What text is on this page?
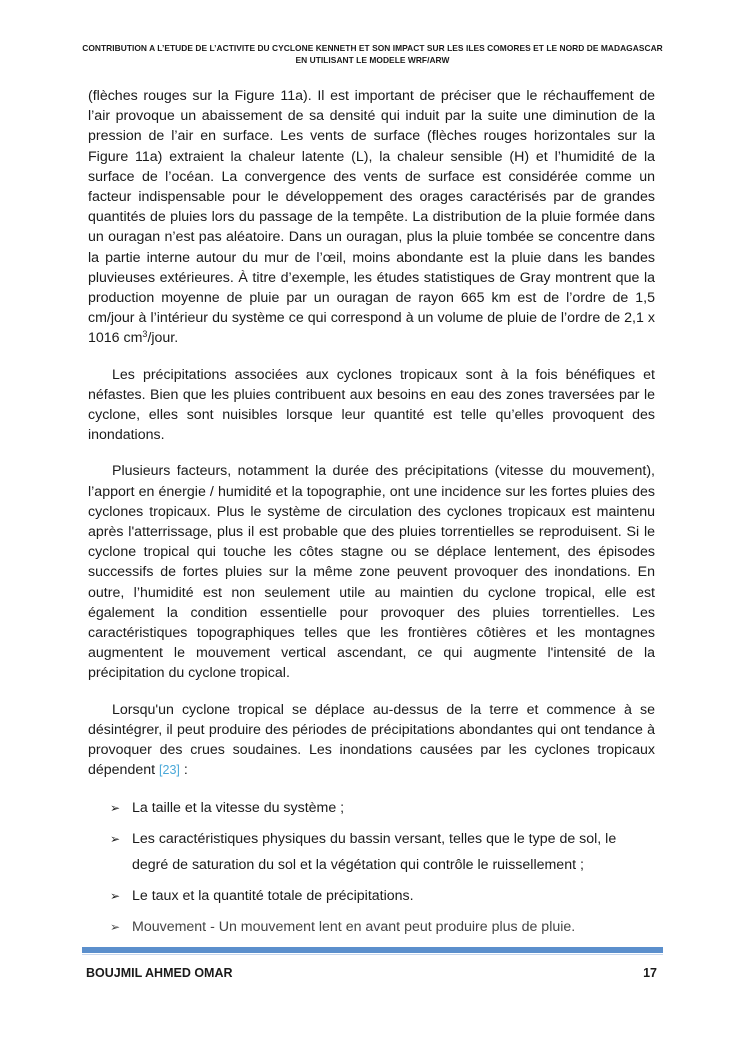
CONTRIBUTION A L’ETUDE DE L’ACTIVITE DU CYCLONE KENNETH ET SON IMPACT SUR LES ILES COMORES ET LE NORD DE MADAGASCAR
EN UTILISANT LE MODELE WRF/ARW

(flèches rouges sur la Figure 11a). Il est important de préciser que le réchauffement de l’air provoque un abaissement de sa densité qui induit par la suite une diminution de la pression de l’air en surface. Les vents de surface (flèches rouges horizontales sur la Figure 11a) extraient la chaleur latente (L), la chaleur sensible (H) et l’humidité de la surface de l’océan. La convergence des vents de surface est considérée comme un facteur indispensable pour le développement des orages caractérisés par de grandes quantités de pluies lors du passage de la tempête. La distribution de la pluie formée dans un ouragan n’est pas aléatoire. Dans un ouragan, plus la pluie tombée se concentre dans la partie interne autour du mur de l’œil, moins abondante est la pluie dans les bandes pluvieuses extérieures. À titre d’exemple, les études statistiques de Gray montrent que la production moyenne de pluie par un ouragan de rayon 665 km est de l’ordre de 1,5 cm/jour à l’intérieur du système ce qui correspond à un volume de pluie de l’ordre de 2,1 x 1016 $cm^3$/jour.

Les précipitations associées aux cyclones tropicaux sont à la fois bénéfiques et néfastes. Bien que les pluies contribuent aux besoins en eau des zones traversées par le cyclone, elles sont nuisibles lorsque leur quantité est telle qu’elles provoquent des inondations.

Plusieurs facteurs, notamment la durée des précipitations (vitesse du mouvement), l’apport en énergie / humidité et la topographie, ont une incidence sur les fortes pluies des cyclones tropicaux. Plus le système de circulation des cyclones tropicaux est maintenu après l'atterrissage, plus il est probable que des pluies torrentielles se reproduisent. Si le cyclone tropical qui touche les côtes stagne ou se déplace lentement, des épisodes successifs de fortes pluies sur la même zone peuvent provoquer des inondations. En outre, l’humidité est non seulement utile au maintien du cyclone tropical, elle est également la condition essentielle pour provoquer des pluies torrentielles. Les caractéristiques topographiques telles que les frontières côtières et les montagnes augmentent le mouvement vertical ascendant, ce qui augmente l'intensité de la précipitation du cyclone tropical.

Lorsqu'un cyclone tropical se déplace au-dessus de la terre et commence à se désintégrer, il peut produire des périodes de précipitations abondantes qui ont tendance à provoquer des crues soudaines. Les inondations causées par les cyclones tropicaux dépendent [23] :

➢ La taille et la vitesse du système ;
➢ Les caractéristiques physiques du bassin versant, telles que le type de sol, le degré de saturation du sol et la végétation qui contrôle le ruissellement ;
➢ Le taux et la quantité totale de précipitations.
➢ Mouvement - Un mouvement lent en avant peut produire plus de pluie.
BOUJMIL AHMED OMAR	17
